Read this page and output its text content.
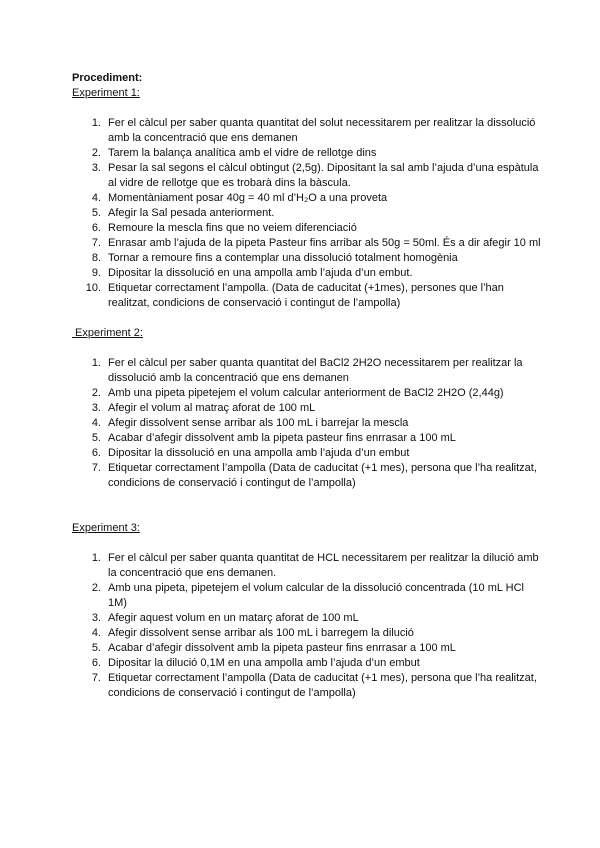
Procediment:

Experiment 1:

1. Fer el càlcul per saber quanta quantitat del solut necessitarem per realitzar la dissolució amb la concentració que ens demanen
2. Tarem la balança analítica amb el vidre de rellotge dins
3. Pesar la sal segons el càlcul obtingut (2,5g). Dipositant la sal amb l’ajuda d’una espàtula al vidre de rellotge que es trobarà dins la bàscula.
4. Momentàniament posar 40g = 40 ml d’H₂O a una proveta
5. Afegir la Sal pesada anteriorment.
6. Remoure la mescla fins que no veiem diferenciació
7. Enrasar amb l’ajuda de la pipeta Pasteur fins arribar als 50g = 50ml. És a dir afegir 10 ml
8. Tornar a remoure fins a contemplar una dissolució totalment homogènia
9. Dipositar la dissolució en una ampolla amb l’ajuda d’un embut.
10. Etiquetar correctament l’ampolla. (Data de caducitat (+1mes), persones que l’han realitzat, condicions de conservació i contingut de l’ampolla)

Experiment 2:

1. Fer el càlcul per saber quanta quantitat del BaCl2 2H2O necessitarem per realitzar la dissolució amb la concentració que ens demanen
2. Amb una pipeta pipetejem el volum calcular anteriorment de BaCl2 2H2O (2,44g)
3. Afegir el volum al matraç aforat de 100 mL
4. Afegir dissolvent sense arribar als 100 mL i barrejar la mescla
5. Acabar d’afegir dissolvent amb la pipeta pasteur fins enrrasar a 100 mL
6. Dipositar la dissolució en una ampolla amb l’ajuda d’un embut
7. Etiquetar correctament l’ampolla (Data de caducitat (+1 mes), persona que l’ha realitzat, condicions de conservació i contingut de l’ampolla)

Experiment 3:

1. Fer el càlcul per saber quanta quantitat de HCL necessitarem per realitzar la dilució amb la concentració que ens demanen.
2. Amb una pipeta, pipetejem el volum calcular de la dissolució concentrada (10 mL HCl 1M)
3. Afegir aquest volum en un matarç aforat de 100 mL
4. Afegir dissolvent sense arribar als 100 mL i barregem la dilució
5. Acabar d’afegir dissolvent amb la pipeta pasteur fins enrrasar a 100 mL
6. Dipositar la dilució 0,1M en una ampolla amb l’ajuda d’un embut
7. Etiquetar correctament l’ampolla (Data de caducitat (+1 mes), persona que l’ha realitzat, condicions de conservació i contingut de l’ampolla)
